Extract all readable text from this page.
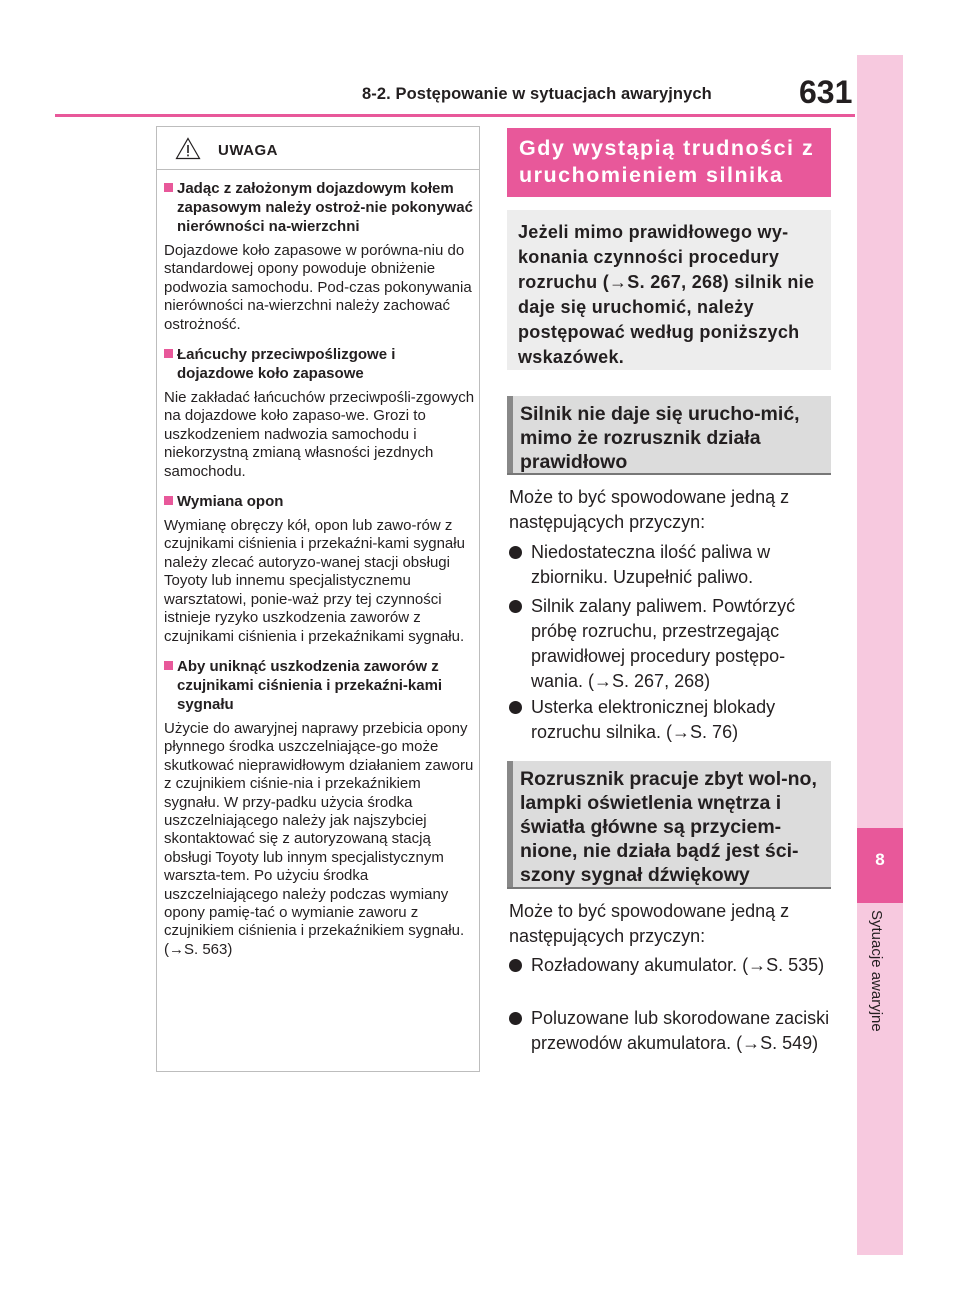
8-2. Postępowanie w sytuacjach awaryjnych	631
8
Sytuacje awaryjne
UWAGA
Jadąc z założonym dojazdowym kołem zapasowym należy ostroż-nie pokonywać nierówności na-wierzchni
Dojazdowe koło zapasowe w porówna-niu do standardowej opony powoduje obniżenie podwozia samochodu. Pod-czas pokonywania nierówności na-wierzchni należy zachować ostrożność.
Łańcuchy przeciwpoślizgowe i dojazdowe koło zapasowe
Nie zakładać łańcuchów przeciwpośli-zgowych na dojazdowe koło zapaso-we. Grozi to uszkodzeniem nadwozia samochodu i niekorzystną zmianą własności jezdnych samochodu.
Wymiana opon
Wymianę obręczy kół, opon lub zawo-rów z czujnikami ciśnienia i przekaźni-kami sygnału należy zlecać autoryzo-wanej stacji obsługi Toyoty lub innemu specjalistycznemu warsztatowi, ponie-waż przy tej czynności istnieje ryzyko uszkodzenia zaworów z czujnikami ciśnienia i przekaźnikami sygnału.
Aby uniknąć uszkodzenia zaworów z czujnikami ciśnienia i przekaźni-kami sygnału
Użycie do awaryjnej naprawy przebicia opony płynnego środka uszczelniające-go może skutkować nieprawidłowym działaniem zaworu z czujnikiem ciśnie-nia i przekaźnikiem sygnału. W przy-padku użycia środka uszczelniającego należy jak najszybciej skontaktować się z autoryzowaną stacją obsługi Toyoty lub innym specjalistycznym warszta-tem. Po użyciu środka uszczelniającego należy podczas wymiany opony pamię-tać o wymianie zaworu z czujnikiem ciśnienia i przekaźnikiem sygnału. (→S. 563)
Gdy wystąpią trudności z uruchomieniem silnika
Jeżeli mimo prawidłowego wy-konania czynności procedury rozruchu (→S. 267, 268) silnik nie daje się uruchomić, należy postępować według poniższych wskazówek.
Silnik nie daje się urucho-mić, mimo że rozrusznik działa prawidłowo
Może to być spowodowane jedną z następujących przyczyn:
Niedostateczna ilość paliwa w zbiorniku. Uzupełnić paliwo.
Silnik zalany paliwem. Powtórzyć próbę rozruchu, przestrzegając prawidłowej procedury postępo-wania. (→S. 267, 268)
Usterka elektronicznej blokady rozruchu silnika. (→S. 76)
Rozrusznik pracuje zbyt wol-no, lampki oświetlenia wnętrza i światła główne są przyciem-nione, nie działa bądź jest ści-szony sygnał dźwiękowy
Może to być spowodowane jedną z następujących przyczyn:
Rozładowany akumulator. (→S. 535)
Poluzowane lub skorodowane zaciski przewodów akumulatora. (→S. 549)
